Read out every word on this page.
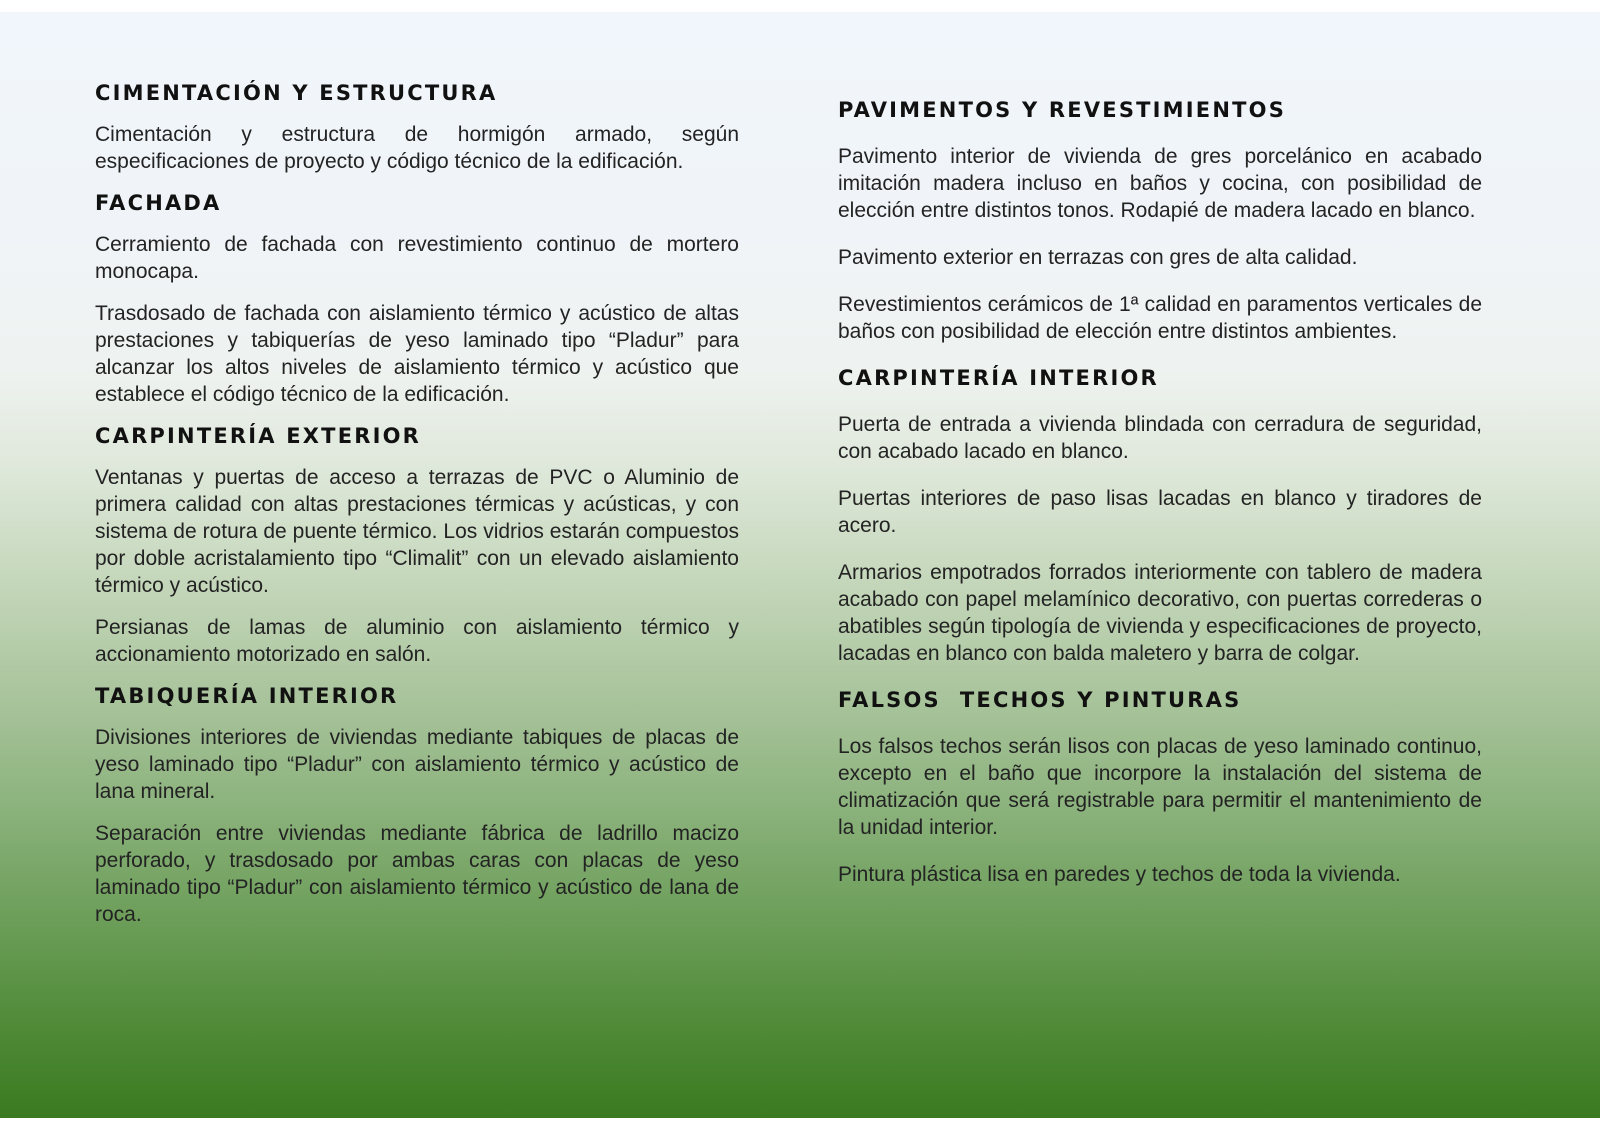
CIMENTACIÓN Y ESTRUCTURA

Cimentación y estructura de hormigón armado, según especificaciones de proyecto y código técnico de la edificación.

FACHADA

Cerramiento de fachada con revestimiento continuo de mortero monocapa.

Trasdosado de fachada con aislamiento térmico y acústico de altas prestaciones y tabiquerías de yeso laminado tipo “Pladur” para alcanzar los altos niveles de aislamiento térmico y acústico que establece el código técnico de la edificación.

CARPINTERÍA EXTERIOR

Ventanas y puertas de acceso a terrazas de PVC o Aluminio de primera calidad con altas prestaciones térmicas y acústicas, y con sistema de rotura de puente térmico. Los vidrios estarán compuestos por doble acristalamiento tipo “Climalit” con un elevado aislamiento térmico y acústico.

Persianas de lamas de aluminio con aislamiento térmico y accionamiento motorizado en salón.

TABIQUERÍA INTERIOR

Divisiones interiores de viviendas mediante tabiques de placas de yeso laminado tipo “Pladur” con aislamiento térmico y acústico de lana mineral.

Separación entre viviendas mediante fábrica de ladrillo macizo perforado, y trasdosado por ambas caras con placas de yeso laminado tipo “Pladur” con aislamiento térmico y acústico de lana de roca.

PAVIMENTOS Y REVESTIMIENTOS

Pavimento interior de vivienda de gres porcelánico en acabado imitación madera incluso en baños y cocina, con posibilidad de elección entre distintos tonos. Rodapié de madera lacado en blanco.

Pavimento exterior en terrazas con gres de alta calidad.

Revestimientos cerámicos de 1ª calidad en paramentos verticales de baños con posibilidad de elección entre distintos ambientes.

CARPINTERÍA INTERIOR

Puerta de entrada a vivienda blindada con cerradura de seguridad, con acabado lacado en blanco.

Puertas interiores de paso lisas lacadas en blanco y tiradores de acero.

Armarios empotrados forrados interiormente con tablero de madera acabado con papel melamínico decorativo, con puertas correderas o abatibles según tipología de vivienda y especificaciones de proyecto, lacadas en blanco con balda maletero y barra de colgar.

FALSOS  TECHOS Y PINTURAS

Los falsos techos serán lisos con placas de yeso laminado continuo, excepto en el baño que incorpore la instalación del sistema de climatización que será registrable para permitir el mantenimiento de la unidad interior.

Pintura plástica lisa en paredes y techos de toda la vivienda.
